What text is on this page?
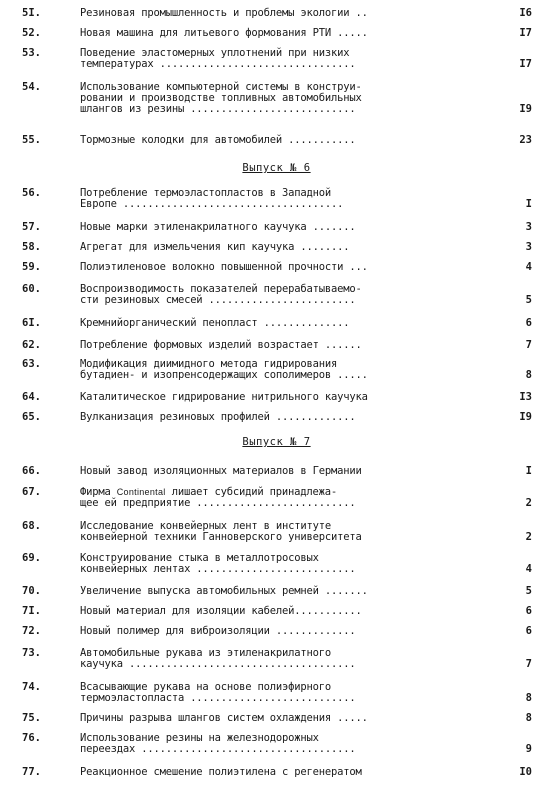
5I.	Резиновая промышленность и проблемы экологии ..	I6
52.	Новая машина для литьевого формования РТИ .....	I7
53.	Поведение эластомерных уплотнений при низких
температурах ................................	I7
54.	Использование компьютерной системы в конструи-
ровании и производстве топливных автомобильных
шлангов из резины ...........................	I9
55.	Тормозные колодки для автомобилей ...........	23
Выпуск № 6
56.	Потребление термоэластопластов в Западной
Европе ....................................	I
57.	Новые марки этиленакрилатного каучука .......	3
58.	Агрегат для измельчения кип каучука ........	3
59.	Полиэтиленовое волокно повышенной прочности ...	4
60.	Воспроизводимость показателей перерабатываемо-
сти резиновых смесей ........................	5
6I.	Кремнийорганический пенопласт ..............	6
62.	Потребление формовых изделий возрастает ......	7
63.	Модификация диимидного метода гидрирования
бутадиен- и изопренсодержащих сополимеров .....	8
64.	Каталитическое гидрирование нитрильного каучука	I3
65.	Вулканизация резиновых профилей .............	I9
Выпуск № 7
66.	Новый завод изоляционных материалов в Германии	I
67.	Фирма Continental лишает субсидий принадлежа-
щее ей предприятие ..........................	2
68.	Исследование конвейерных лент в институте
конвейерной техники Ганноверского университета	2
69.	Конструирование стыка в металлотросовых
конвейерных лентах ..........................	4
70.	Увеличение выпуска автомобильных ремней .......	5
7I.	Новый материал для изоляции кабелей...........	6
72.	Новый полимер для виброизоляции .............	6
73.	Автомобильные рукава из этиленакрилатного
каучука .....................................	7
74.	Всасывающие рукава на основе полиэфирного
термоэластопласта ...........................	8
75.	Причины разрыва шлангов систем охлаждения .....	8
76.	Использование резины на железнодорожных
переездах ...................................	9
77.	Реакционное смешение полиэтилена с регенератом	I0
